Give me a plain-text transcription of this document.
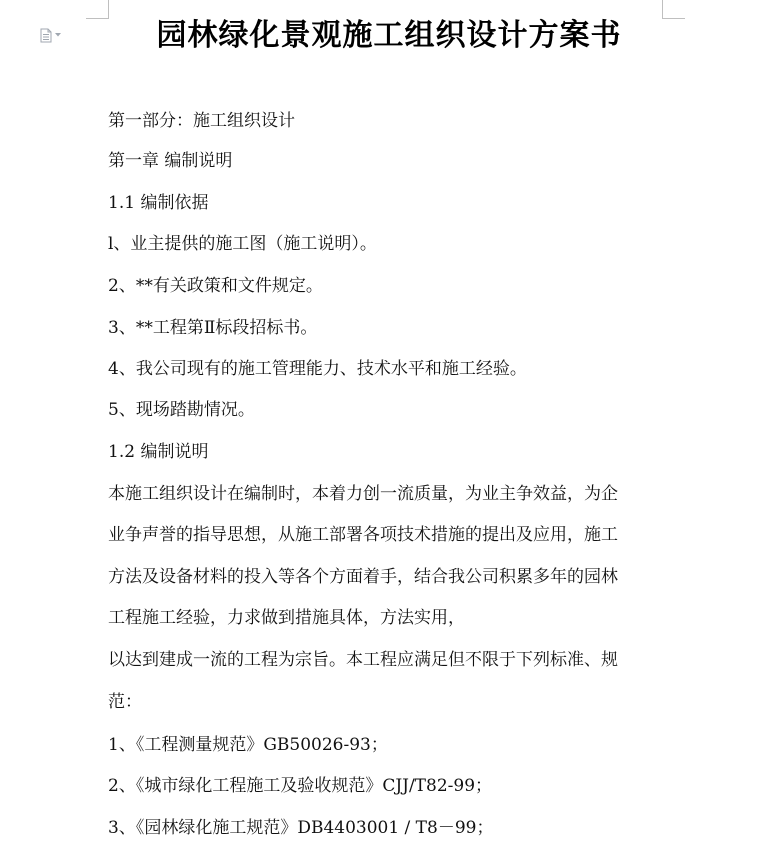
园林绿化景观施工组织设计方案书
第一部分：施工组织设计
第一章 编制说明
1.1 编制依据
l、业主提供的施工图（施工说明）。
2、**有关政策和文件规定。
3、**工程第Ⅱ标段招标书。
4、我公司现有的施工管理能力、技术水平和施工经验。
5、现场踏勘情况。
1.2 编制说明
本施工组织设计在编制时，本着力创一流质量，为业主争效益，为企
业争声誉的指导思想，从施工部署各项技术措施的提出及应用，施工
方法及设备材料的投入等各个方面着手，结合我公司积累多年的园林
工程施工经验，力求做到措施具体，方法实用，
以达到建成一流的工程为宗旨。本工程应满足但不限于下列标准、规
范：
1、《工程测量规范》GB50026-93；
2、《城市绿化工程施工及验收规范》CJJ/T82-99；
3、《园林绿化施工规范》DB4403001 / T8－99；
